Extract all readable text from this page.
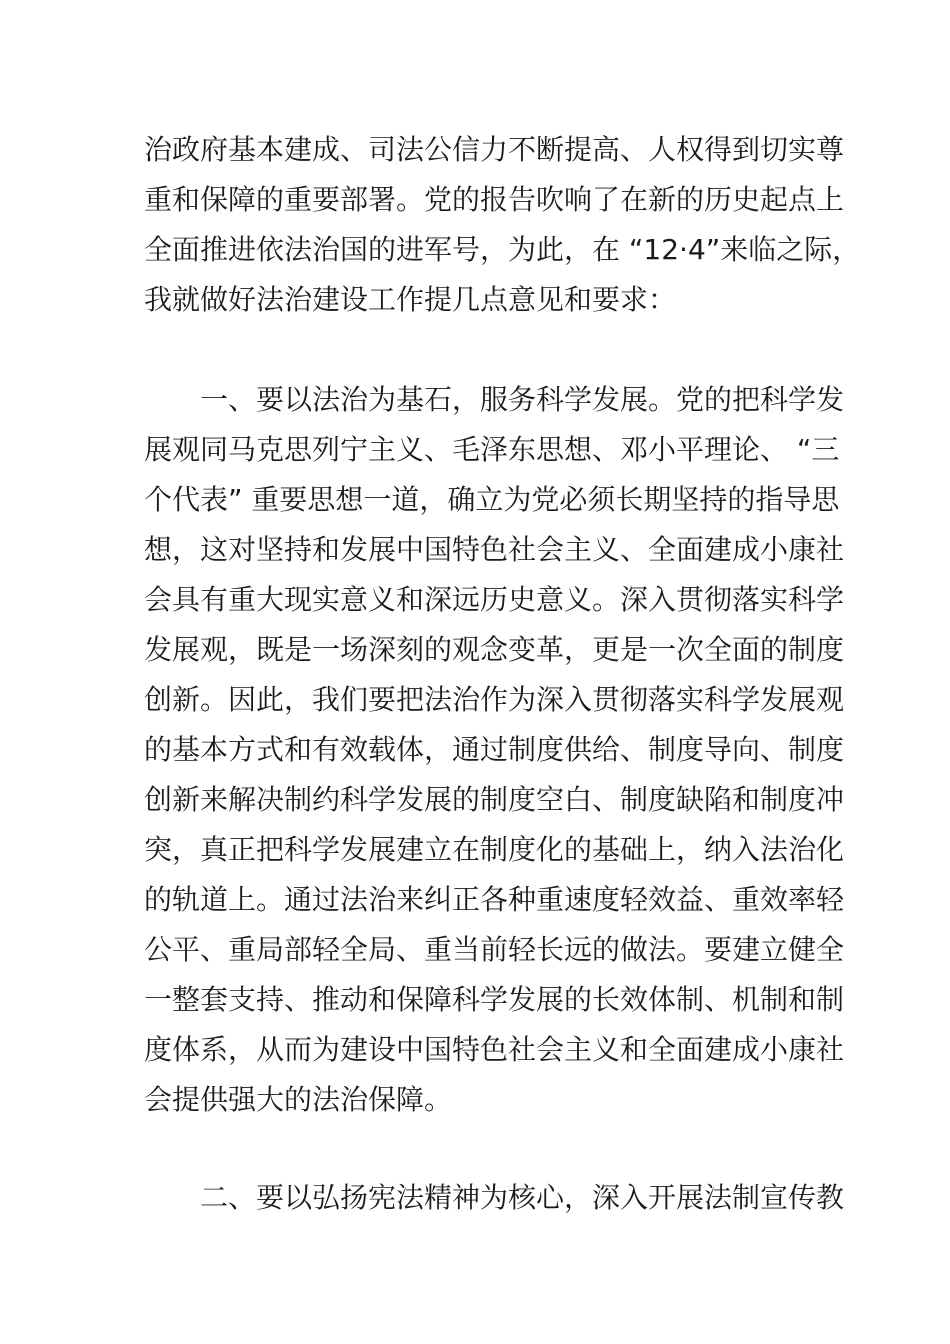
治政府基本建成、司法公信力不断提高、人权得到切实尊
重和保障的重要部署。党的报告吹响了在新的历史起点上
全面推进依法治国的进军号，为此，在 “12·4”来临之际，
我就做好法治建设工作提几点意见和要求：
　　一、要以法治为基石，服务科学发展。党的把科学发
展观同马克思列宁主义、毛泽东思想、邓小平理论、 “三
个代表” 重要思想一道，确立为党必须长期坚持的指导思
想，这对坚持和发展中国特色社会主义、全面建成小康社
会具有重大现实意义和深远历史意义。深入贯彻落实科学
发展观，既是一场深刻的观念变革，更是一次全面的制度
创新。因此，我们要把法治作为深入贯彻落实科学发展观
的基本方式和有效载体，通过制度供给、制度导向、制度
创新来解决制约科学发展的制度空白、制度缺陷和制度冲
突，真正把科学发展建立在制度化的基础上，纳入法治化
的轨道上。通过法治来纠正各种重速度轻效益、重效率轻
公平、重局部轻全局、重当前轻长远的做法。要建立健全
一整套支持、推动和保障科学发展的长效体制、机制和制
度体系，从而为建设中国特色社会主义和全面建成小康社
会提供强大的法治保障。
　　二、要以弘扬宪法精神为核心，深入开展法制宣传教
